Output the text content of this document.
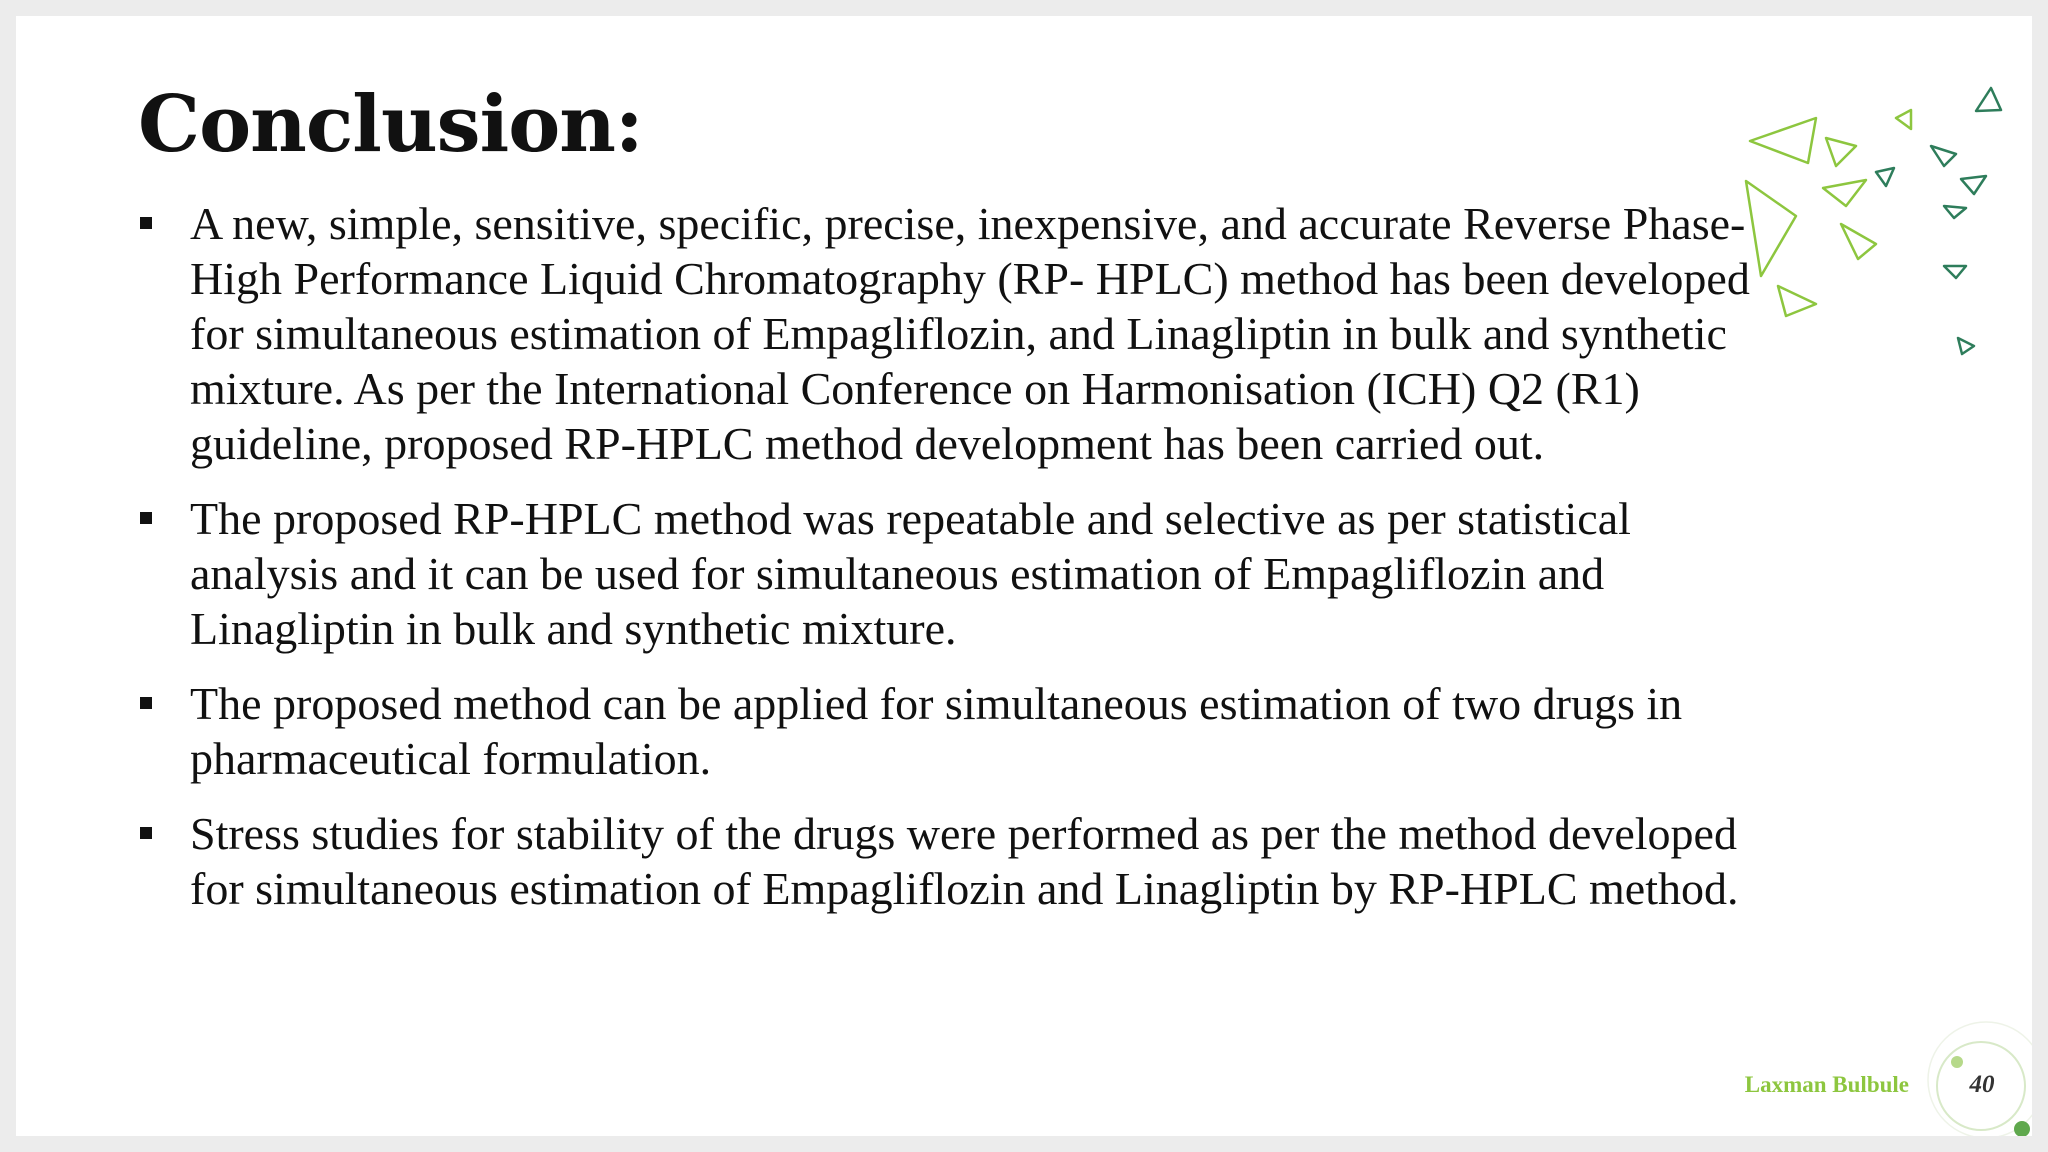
Conclusion:
A new, simple, sensitive, specific, precise, inexpensive, and accurate Reverse Phase-High Performance Liquid Chromatography (RP- HPLC) method has been developed for simultaneous estimation of Empagliflozin, and Linagliptin in bulk and synthetic mixture. As per the International Conference on Harmonisation (ICH) Q2 (R1) guideline, proposed RP-HPLC method development has been carried out.
The proposed RP-HPLC method was repeatable and selective as per statistical analysis and it can be used for simultaneous estimation of Empagliflozin and Linagliptin in bulk and synthetic mixture.
The proposed method can be applied for simultaneous estimation of two drugs in pharmaceutical formulation.
Stress studies for stability of the drugs were performed as per the method developed for simultaneous estimation of Empagliflozin and Linagliptin by RP-HPLC method.
Laxman Bulbule	40
